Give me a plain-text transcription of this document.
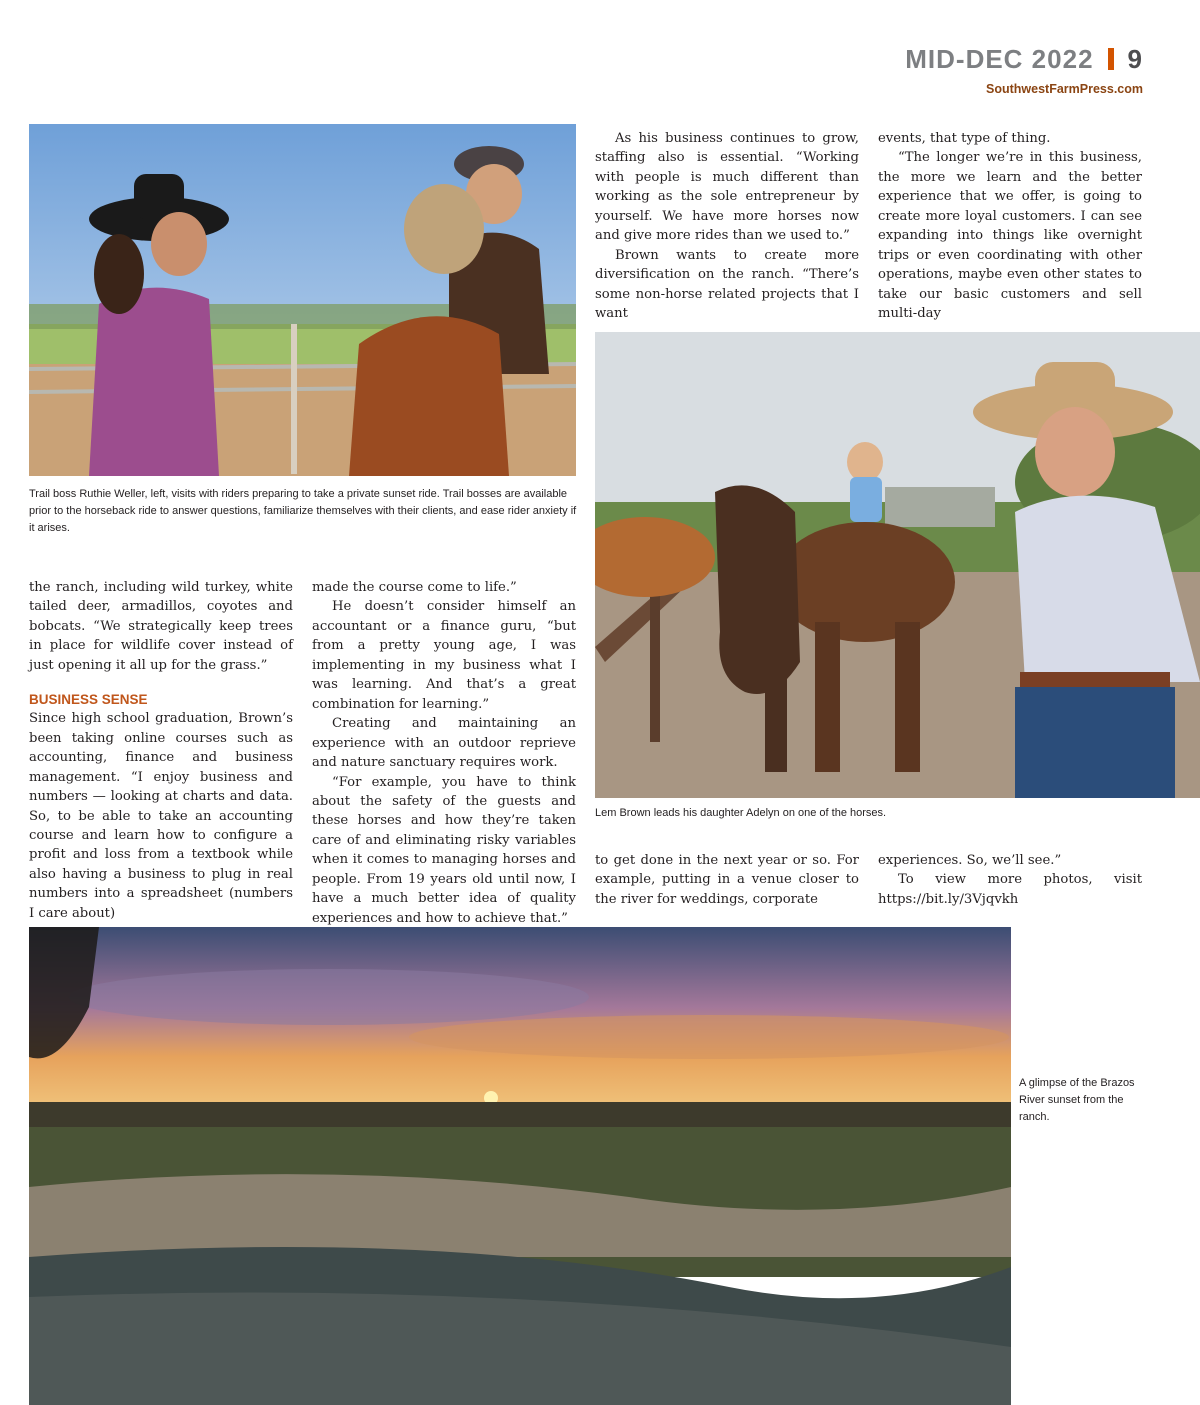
MID-DEC 2022 9
SouthwestFarmPress.com
Trail boss Ruthie Weller, left, visits with riders preparing to take a private sunset ride. Trail bosses are available prior to the horseback ride to answer questions, familiarize themselves with their clients, and ease rider anxiety if it arises.
Lem Brown leads his daughter Adelyn on one of the horses.
A glimpse of the Brazos River sunset from the ranch.

the ranch, including wild turkey, white tailed deer, armadillos, coyotes and bobcats. “We strategically keep trees in place for wildlife cover instead of just opening it all up for the grass.”

BUSINESS SENSE

Since high school graduation, Brown’s been taking online courses such as accounting, finance and business management. “I enjoy business and numbers — looking at charts and data. So, to be able to take an accounting course and learn how to configure a profit and loss from a textbook while also having a business to plug in real numbers into a spreadsheet (numbers I care about)

made the course come to life.”

He doesn’t consider himself an accountant or a finance guru, “but from a pretty young age, I was implementing in my business what I was learning. And that’s a great combination for learning.”

Creating and maintaining an experience with an outdoor reprieve and nature sanctuary requires work.

“For example, you have to think about the safety of the guests and these horses and how they’re taken care of and eliminating risky variables when it comes to managing horses and people. From 19 years old until now, I have a much better idea of quality experiences and how to achieve that.”

As his business continues to grow, staffing also is essential. “Working with people is much different than working as the sole entrepreneur by yourself. We have more horses now and give more rides than we used to.”

Brown wants to create more diversification on the ranch. “There’s some non-horse related projects that I want

events, that type of thing.

“The longer we’re in this business, the more we learn and the better experience that we offer, is going to create more loyal customers. I can see expanding into things like overnight trips or even coordinating with other operations, maybe even other states to take our basic customers and sell multi-day

to get done in the next year or so. For example, putting in a venue closer to the river for weddings, corporate

experiences. So, we’ll see.”

To view more photos, visit https://bit.ly/3Vjqvkh
